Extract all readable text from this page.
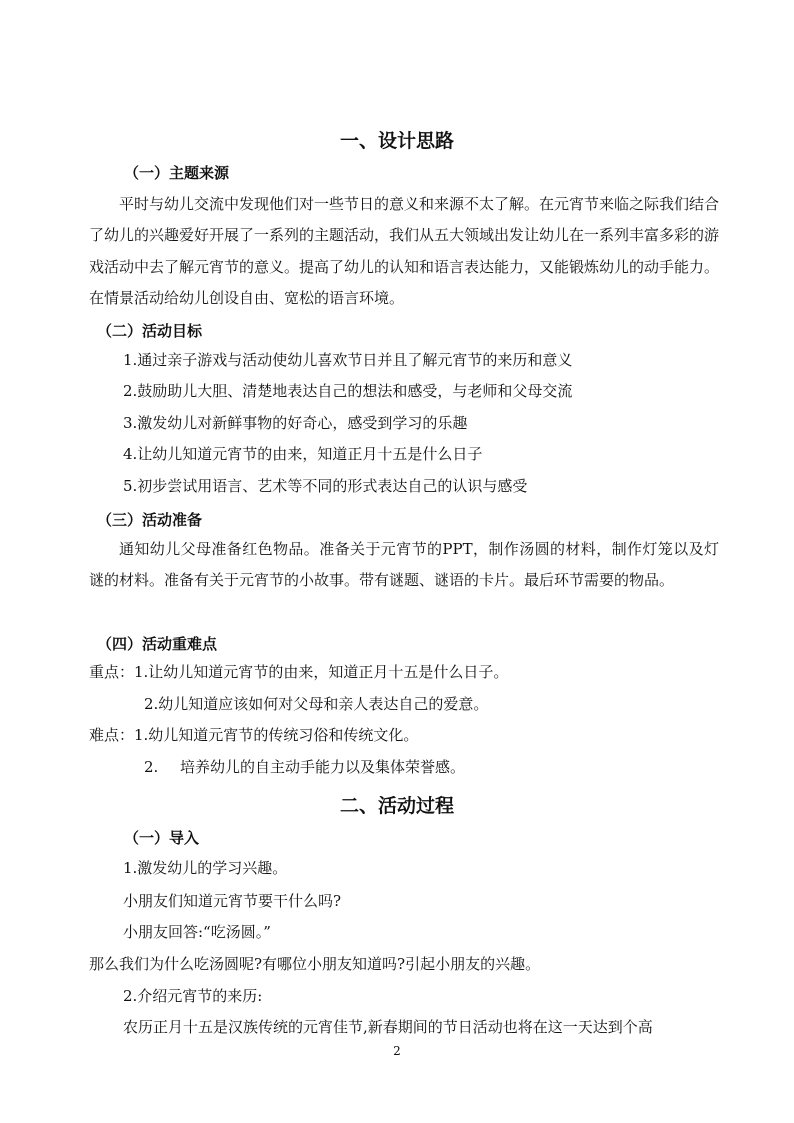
一、设计思路
（一）主题来源
平时与幼儿交流中发现他们对一些节日的意义和来源不太了解。在元宵节来临之际我们结合了幼儿的兴趣爱好开展了一系列的主题活动，我们从五大领域出发让幼儿在一系列丰富多彩的游戏活动中去了解元宵节的意义。提高了幼儿的认知和语言表达能力，又能锻炼幼儿的动手能力。在情景活动给幼儿创设自由、宽松的语言环境。
（二）活动目标
1.通过亲子游戏与活动使幼儿喜欢节日并且了解元宵节的来历和意义
2.鼓励助儿大胆、清楚地表达自己的想法和感受，与老师和父母交流
3.激发幼儿对新鲜事物的好奇心，感受到学习的乐趣
4.让幼儿知道元宵节的由来，知道正月十五是什么日子
5.初步尝试用语言、艺术等不同的形式表达自己的认识与感受
（三）活动准备
通知幼儿父母准备红色物品。准备关于元宵节的PPT，制作汤圆的材料，制作灯笼以及灯谜的材料。准备有关于元宵节的小故事。带有谜题、谜语的卡片。最后环节需要的物品。
（四）活动重难点
重点：1.让幼儿知道元宵节的由来，知道正月十五是什么日子。
2.幼儿知道应该如何对父母和亲人表达自己的爱意。
难点：1.幼儿知道元宵节的传统习俗和传统文化。
2. 培养幼儿的自主动手能力以及集体荣誉感。
二、活动过程
（一）导入
1.激发幼儿的学习兴趣。
小朋友们知道元宵节要干什么吗?
小朋友回答:“吃汤圆。”
那么我们为什么吃汤圆呢?有哪位小朋友知道吗?引起小朋友的兴趣。
2.介绍元宵节的来历:
农历正月十五是汉族传统的元宵佳节,新春期间的节日活动也将在这一天达到个高
2
